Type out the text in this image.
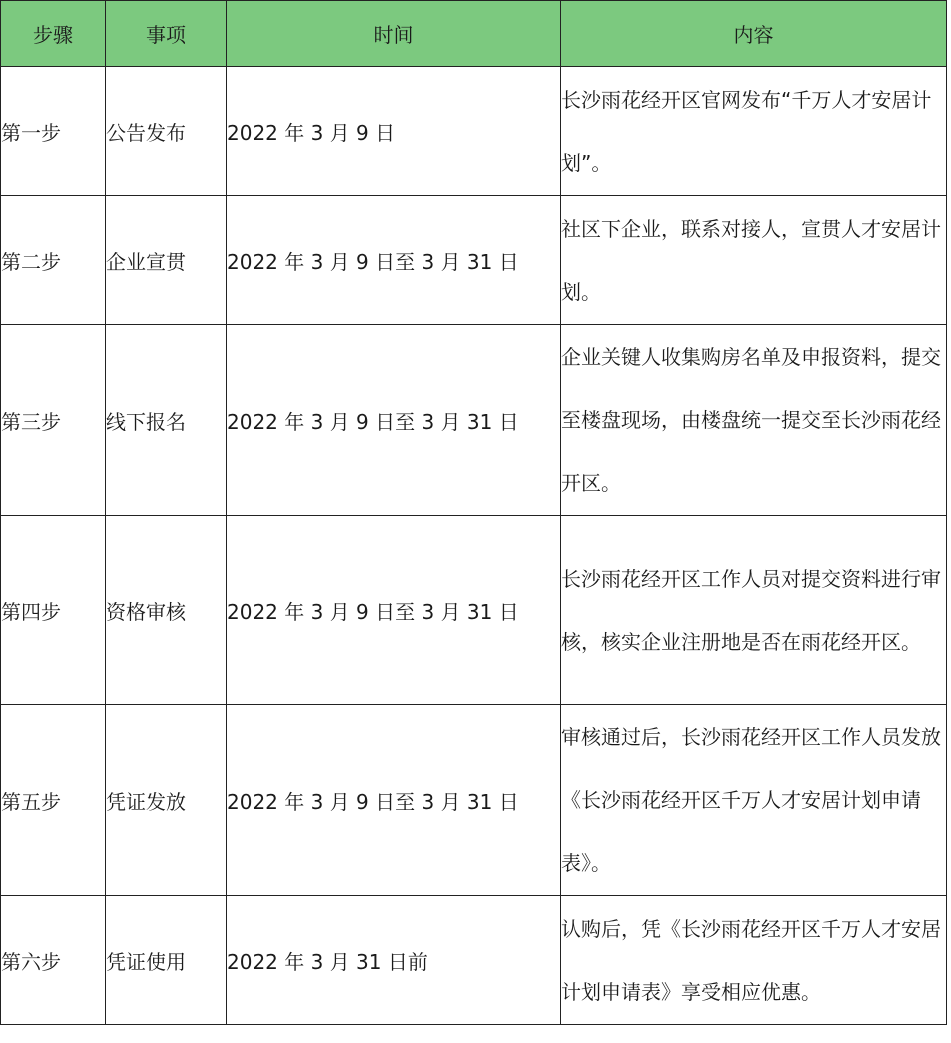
步骤	事项	时间	内容
第一步	公告发布	2022 年 3 月 9 日	长沙雨花经开区官网发布“千万人才安居计划”。
第二步	企业宣贯	2022 年 3 月 9 日至 3 月 31 日	社区下企业，联系对接人，宣贯人才安居计划。
第三步	线下报名	2022 年 3 月 9 日至 3 月 31 日	企业关键人收集购房名单及申报资料，提交至楼盘现场，由楼盘统一提交至长沙雨花经开区。
第四步	资格审核	2022 年 3 月 9 日至 3 月 31 日	长沙雨花经开区工作人员对提交资料进行审核，核实企业注册地是否在雨花经开区。
第五步	凭证发放	2022 年 3 月 9 日至 3 月 31 日	审核通过后，长沙雨花经开区工作人员发放《长沙雨花经开区千万人才安居计划申请表》。
第六步	凭证使用	2022 年 3 月 31 日前	认购后，凭《长沙雨花经开区千万人才安居计划申请表》享受相应优惠。
